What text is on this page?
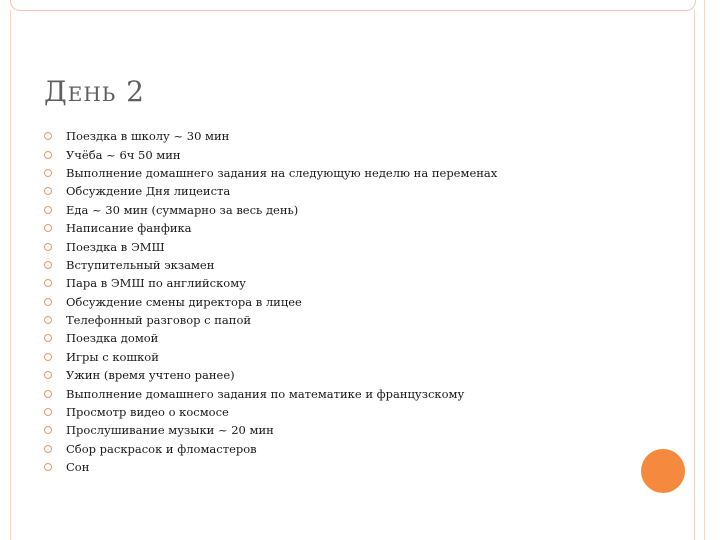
День 2
Поездка в школу ~ 30 мин
Учёба ~ 6ч 50 мин
Выполнение домашнего задания на следующую неделю на переменах
Обсуждение Дня лицеиста
Еда ~ 30 мин (суммарно за весь день)
Написание фанфика
Поездка в ЭМШ
Вступительный экзамен
Пара в ЭМШ по английскому
Обсуждение смены директора в лицее
Телефонный разговор с папой
Поездка домой
Игры с кошкой
Ужин (время учтено ранее)
Выполнение домашнего задания по математике и французскому
Просмотр видео о космосе
Прослушивание музыки ~ 20 мин
Сбор раскрасок и фломастеров
Сон
